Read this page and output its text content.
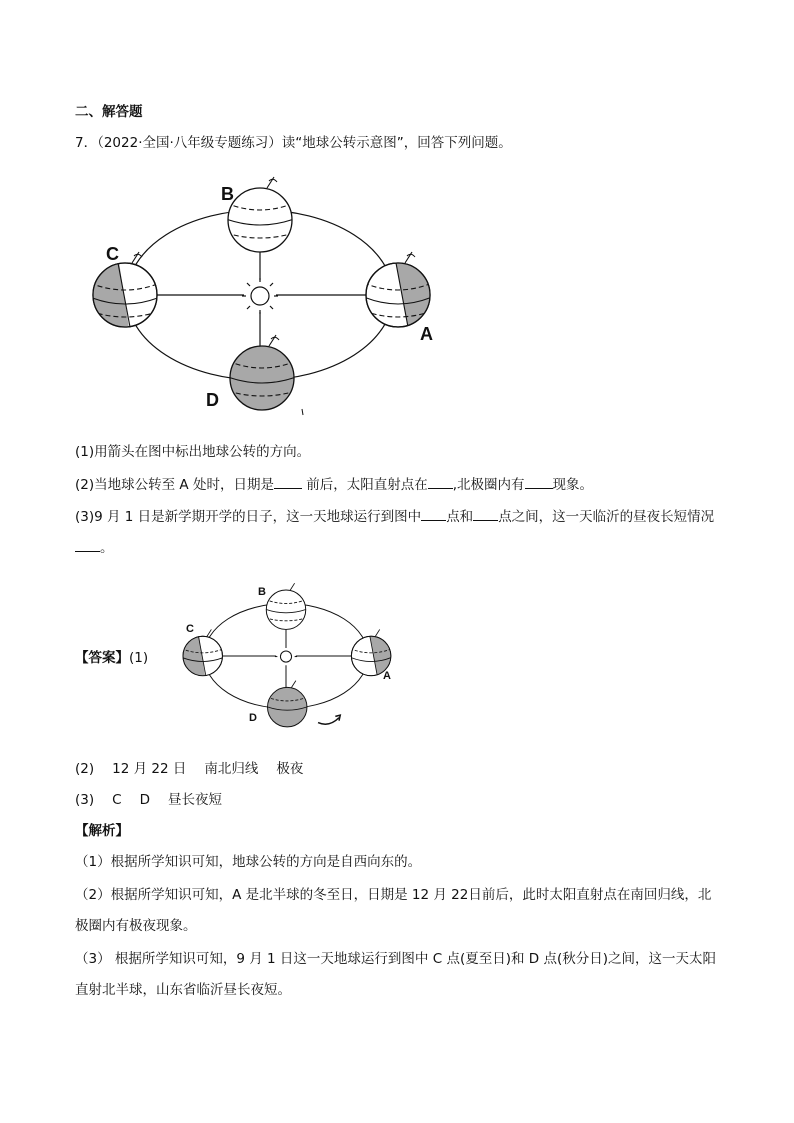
二、解答题
7．（2022·全国·八年级专题练习）读“地球公转示意图”，回答下列问题。
B
C
A
D
(1)用箭头在图中标出地球公转的方向。
(2)当地球公转至 A 处时，日期是 前后，太阳直射点在 ,北极圈内有 现象。
(3)9 月 1 日是新学期开学的日子，这一天地球运行到图中 点和 点之间，这一天临沂的昼夜长短情况
。
【答案】(1)
B
C
A
D
(2) 12 月 22 日 南北归线 极夜
(3) C D 昼长夜短
【解析】
（1）根据所学知识可知，地球公转的方向是自西向东的。
（2）根据所学知识可知，A 是北半球的冬至日，日期是 12 月 22日前后，此时太阳直射点在南回归线，北
极圈内有极夜现象。
（3） 根据所学知识可知，9 月 1 日这一天地球运行到图中 C 点(夏至日)和 D 点(秋分日)之间，这一天太阳
直射北半球，山东省临沂昼长夜短。
